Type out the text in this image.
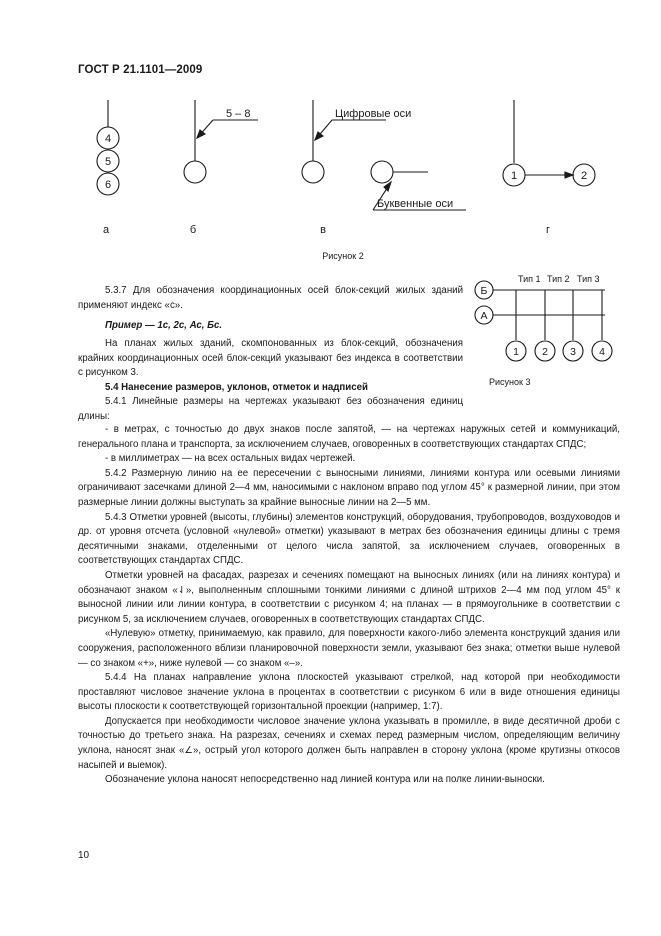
ГОСТ Р 21.1101—2009
4
5
6
5 – 8	Цифровые оси
Буквенные оси
1	2
а	б	в	г
Рисунок 2
Тип 1 Тип 2 Тип 3
Б
А
1 2 3 4
Рисунок 3
5.3.7 Для обозначения координационных осей блок-секций жилых зданий применяют индекс «с».
Пример — 1с, 2с, Ас, Бс.
На планах жилых зданий, скомпонованных из блок-секций, обозначения крайних координационных осей блок-секций указывают без индекса в соответствии с рисунком 3.
5.4 Нанесение размеров, уклонов, отметок и надписей
5.4.1 Линейные размеры на чертежах указывают без обозначения единиц длины:
- в метрах, с точностью до двух знаков после запятой, — на чертежах наружных сетей и коммуникаций, генерального плана и транспорта, за исключением случаев, оговоренных в соответствующих стандартах СПДС;
- в миллиметрах — на всех остальных видах чертежей.
5.4.2 Размерную линию на ее пересечении с выносными линиями, линиями контура или осевыми линиями ограничивают засечками длиной 2—4 мм, наносимыми с наклоном вправо под углом 45° к размерной линии, при этом размерные линии должны выступать за крайние выносные линии на 2—5 мм.
5.4.3 Отметки уровней (высоты, глубины) элементов конструкций, оборудования, трубопроводов, воздуховодов и др. от уровня отсчета (условной «нулевой» отметки) указывают в метрах без обозначения единицы длины с тремя десятичными знаками, отделенными от целого числа запятой, за исключением случаев, оговоренных в соответствующих стандартах СПДС.
Отметки уровней на фасадах, разрезах и сечениях помещают на выносных линиях (или на линиях контура) и обозначают знаком «⇃», выполненным сплошными тонкими линиями с длиной штрихов 2—4 мм под углом 45° к выносной линии или линии контура, в соответствии с рисунком 4; на планах — в прямоугольнике в соответствии с рисунком 5, за исключением случаев, оговоренных в соответствующих стандартах СПДС.
«Нулевую» отметку, принимаемую, как правило, для поверхности какого-либо элемента конструкций здания или сооружения, расположенного вблизи планировочной поверхности земли, указывают без знака; отметки выше нулевой — со знаком «+», ниже нулевой — со знаком «–».
5.4.4 На планах направление уклона плоскостей указывают стрелкой, над которой при необходимости проставляют числовое значение уклона в процентах в соответствии с рисунком 6 или в виде отношения единицы высоты плоскости к соответствующей горизонтальной проекции (например, 1:7).
Допускается при необходимости числовое значение уклона указывать в промилле, в виде десятичной дроби с точностью до третьего знака. На разрезах, сечениях и схемах перед размерным числом, определяющим величину уклона, наносят знак «∠», острый угол которого должен быть направлен в сторону уклона (кроме крутизны откосов насыпей и выемок).
Обозначение уклона наносят непосредственно над линией контура или на полке линии-выноски.
10
